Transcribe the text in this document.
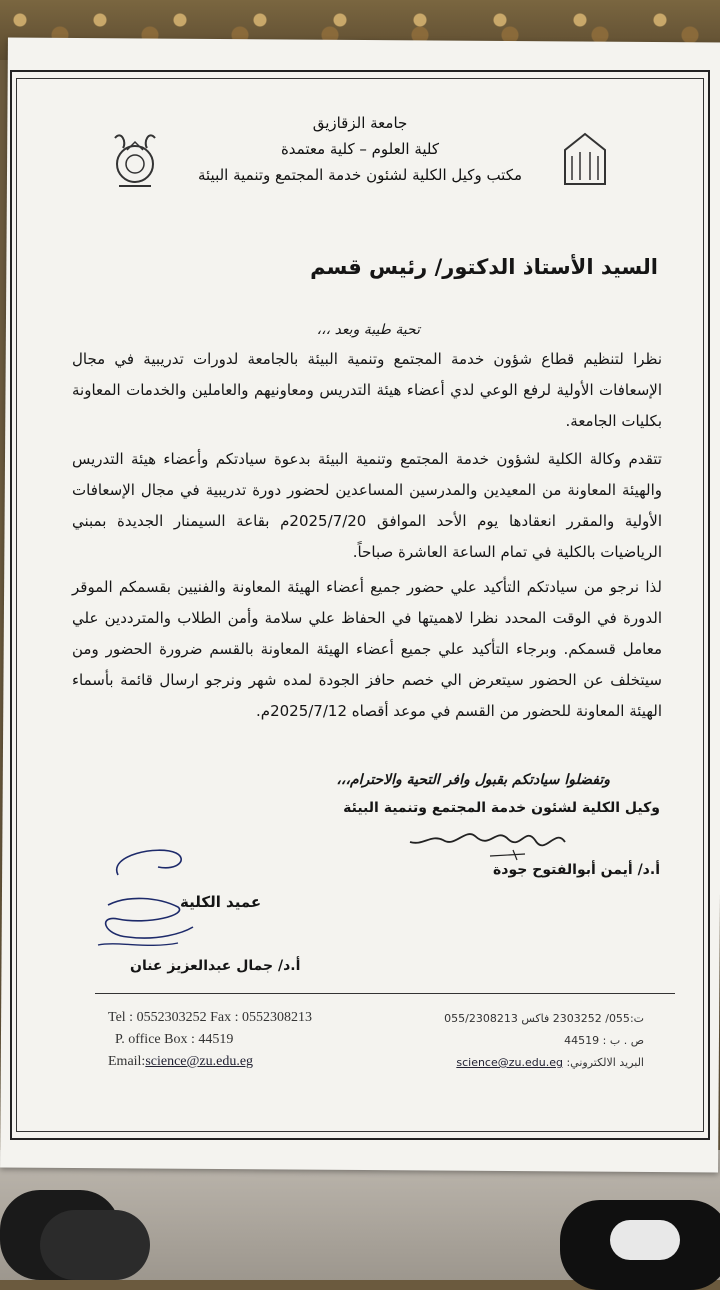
جامعة الزقازيق
كلية العلوم – كلية معتمدة
مكتب وكيل الكلية لشئون خدمة المجتمع وتنمية البيئة
السيد الأستاذ الدكتور/ رئيس قسم
تحية طيبة وبعد ،،،
نظرا لتنظيم قطاع شؤون خدمة المجتمع وتنمية البيئة بالجامعة لدورات تدريبية في مجال الإسعافات الأولية لرفع الوعي لدي أعضاء هيئة التدريس ومعاونيهم والعاملين والخدمات المعاونة بكليات الجامعة.
تتقدم وكالة الكلية لشؤون خدمة المجتمع وتنمية البيئة بدعوة سيادتكم وأعضاء هيئة التدريس والهيئة المعاونة من المعيدين والمدرسين المساعدين لحضور دورة تدريبية في مجال الإسعافات الأولية والمقرر انعقادها يوم الأحد الموافق 2025/7/20م بقاعة السيمنار الجديدة بمبني الرياضيات بالكلية في تمام الساعة العاشرة صباحاً.
لذا نرجو من سيادتكم التأكيد علي حضور جميع أعضاء الهيئة المعاونة والفنيين بقسمكم الموقر الدورة في الوقت المحدد نظرا لاهميتها في الحفاظ علي سلامة وأمن الطلاب والمترددين علي معامل قسمكم. وبرجاء التأكيد علي جميع أعضاء الهيئة المعاونة بالقسم ضرورة الحضور ومن سيتخلف عن الحضور سيتعرض الي خصم حافز الجودة لمده شهر ونرجو ارسال قائمة بأسماء الهيئة المعاونة للحضور من القسم في موعد أقصاه 2025/7/12م.
وتفضلوا سيادتكم بقبول وافر التحية والاحترام،،،
وكيل الكلية لشئون خدمة المجتمع وتنمية البيئة
أ.د/ أيمن أبوالفتوح جودة
عميد الكلية
أ.د/ جمال عبدالعزيز عنان
Tel : 0552303252 Fax : 0552308213
P. office Box : 44519
Email:science@zu.edu.eg
ت:055/ 2303252 فاكس 055/2308213
ص . ب : 44519
البريد الالكتروني: science@zu.edu.eg
